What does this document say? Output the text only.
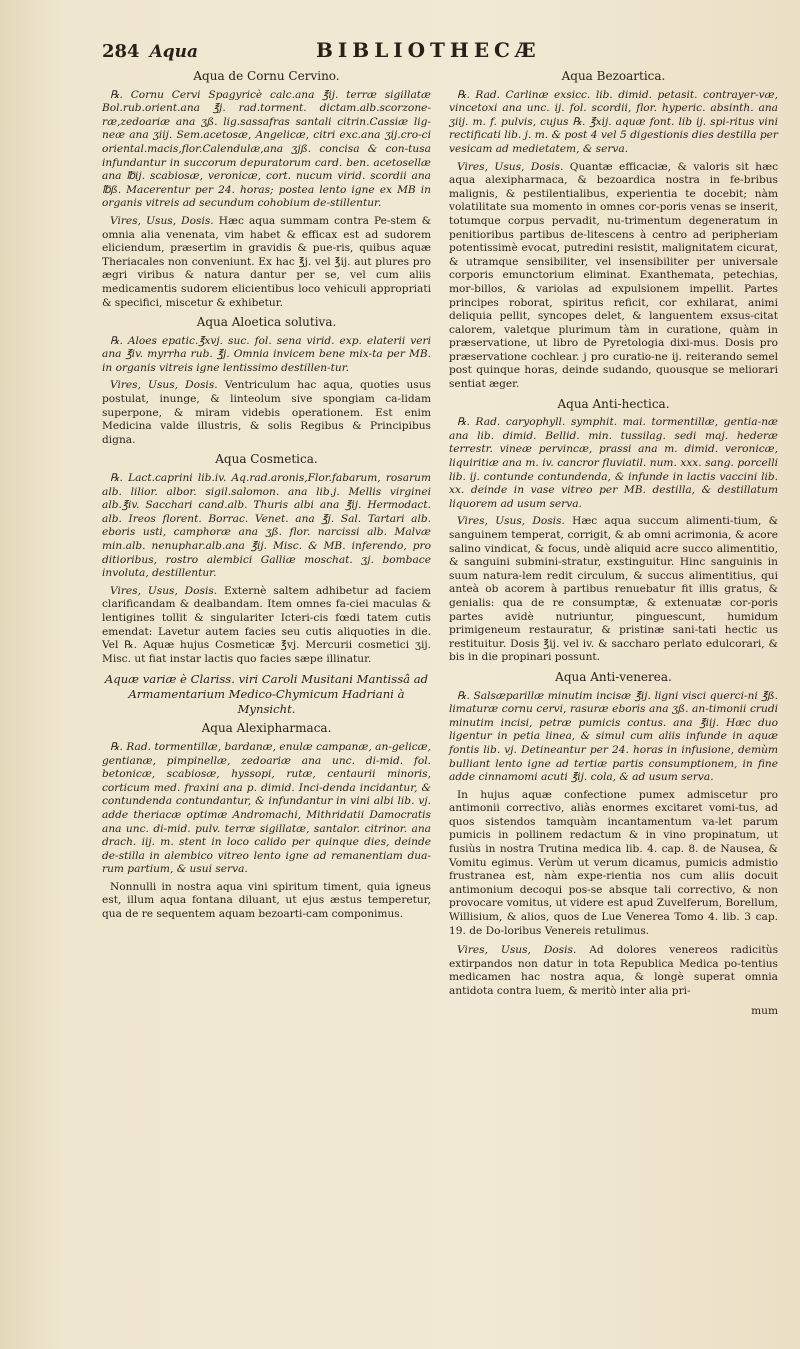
284 Aqua	BIBLIOTHECÆ
Aqua de Cornu Cervino.

℞. Cornu Cervi Spagyricè calc.ana ℥ij. terræ sigillatæ Bol.rub.orient.ana ℥j. rad.torment. dictam.alb.scorzone-ræ,zedoariæ ana ʒß. lig.sassafras santali citrin.Cassiæ lig-neæ ana ʒiij. Sem.acetosæ, Angelicæ, citri exc.ana ʒij.cro-ci oriental.macis,flor.Calendulæ,ana ʒjß. concisa & con-tusa infundantur in succorum depuratorum card. ben. acetosellæ ana ℔ij. scabiosæ, veronicæ, cort. nucum virid. scordii ana ℔ß. Macerentur per 24. horas; postea lento igne ex MB in organis vitreis ad secundum cohobium de-stillentur.

Vires, Usus, Dosis. Hæc aqua summam contra Pe-stem & omnia alia venenata, vim habet & efficax est ad sudorem eliciendum, præsertim in gravidis & pue-ris, quibus aquæ Theriacales non conveniunt. Ex hac ℥j. vel ℥ij. aut plures pro ægri viribus & natura dantur per se, vel cum aliis medicamentis sudorem elicientibus loco vehiculi appropriati & specifici, miscetur & exhibetur.

Aqua Aloetica solutiva.

℞. Aloes epatic.℥xvj. suc. fol. sena virid. exp. elaterii veri ana ℥iv. myrrha rub. ℥j. Omnia invicem bene mix-ta per MB. in organis vitreis igne lentissimo destillen-tur.

Vires, Usus, Dosis. Ventriculum hac aqua, quoties usus postulat, inunge, & linteolum sive spongiam ca-lidam superpone, & miram videbis operationem. Est enim Medicina valde illustris, & solis Regibus & Principibus digna.

Aqua Cosmetica.

℞. Lact.caprini lib.iv. Aq.rad.aronis,Flor.fabarum, rosarum alb. lilior. albor. sigil.salomon. ana lib.j. Mellis virginei alb.℥iv. Sacchari cand.alb. Thuris albi ana ℥ij. Hermodact. alb. Ireos florent. Borrac. Venet. ana ℥j. Sal. Tartari alb. eboris usti, camphoræ ana ʒß. flor. narcissi alb. Malvæ min.alb. nenuphar.alb.ana ℥ij. Misc. & MB. inferendo, pro ditioribus, rostro alembici Galliæ moschat. ʒj. bombace involuta, destillentur.

Vires, Usus, Dosis. Externè saltem adhibetur ad faciem clarificandam & dealbandam. Item omnes fa-ciei maculas & lentigines tollit & singulariter Icteri-cis fœdi tatem cutis emendat: Lavetur autem facies seu cutis aliquoties in die. Vel ℞. Aquæ hujus Cosmeticæ ℥vj. Mercurii cosmetici ʒij. Misc. ut fiat instar lactis quo facies sæpe illinatur.

Aquæ variæ è Clariss. viri Caroli Musitani Mantissâ ad Armamentarium Medico-Chymicum Hadriani à Mynsicht.
Aqua Alexipharmaca.

℞. Rad. tormentillæ, bardanæ, enulæ campanæ, an-gelicæ, gentianæ, pimpinellæ, zedoariæ ana unc. di-mid. fol. betonicæ, scabiosæ, hyssopi, rutæ, centaurii minoris, corticum med. fraxini ana p. dimid. Inci-denda incidantur, & contundenda contundantur, & infundantur in vini albi lib. vj. adde theriacæ optimæ Andromachi, Mithridatii Damocratis ana unc. di-mid. pulv. terræ sigillatæ, santalor. citrinor. ana drach. iij. m. stent in loco calido per quinque dies, deinde de-stilla in alembico vitreo lento igne ad remanentiam dua-rum partium, & usui serva.

Nonnulli in nostra aqua vini spiritum timent, quia igneus est, illum aqua fontana diluant, ut ejus æstus temperetur, qua de re sequentem aquam bezoarti-cam componimus.

Aqua Bezoartica.

℞. Rad. Carlinæ exsicc. lib. dimid. petasit. contrayer-væ, vincetoxi ana unc. ij. fol. scordii, flor. hyperic. absinth. ana ʒiij. m. f. pulvis, cujus ℞. ℥xij. aquæ font. lib ij. spi-ritus vini rectificati lib. j. m. & post 4 vel 5 digestionis dies destilla per vesicam ad medietatem, & serva.

Vires, Usus, Dosis. Quantæ efficaciæ, & valoris sit hæc aqua alexipharmaca, & bezoardica nostra in fe-bribus malignis, & pestilentialibus, experientia te docebit; nàm volatilitate sua momento in omnes cor-poris venas se inserit, totumque corpus pervadit, nu-trimentum degeneratum in penitioribus partibus de-litescens à centro ad peripheriam potentissimè evocat, putredini resistit, malignitatem cicurat, & utramque sensibiliter, vel insensibiliter per universale corporis emunctorium eliminat. Exanthemata, petechias, mor-billos, & variolas ad expulsionem impellit. Partes principes roborat, spiritus reficit, cor exhilarat, animi deliquia pellit, syncopes delet, & languentem exsus-citat calorem, valetque plurimum tàm in curatione, quàm in præservatione, ut libro de Pyretologia dixi-mus. Dosis pro præservatione cochlear. j pro curatio-ne ij. reiterando semel post quinque horas, deinde sudando, quousque se meliorari sentiat æger.

Aqua Anti-hectica.

℞. Rad. caryophyll. symphit. mai. tormentillæ, gentia-næ ana lib. dimid. Bellid. min. tussilag. sedi maj. hederæ terrestr. vineæ pervincæ, prassi ana m. dimid. veronicæ, liquiritiæ ana m. iv. cancror fluviatil. num. xxx. sang. porcelli lib. ij. contunde contundenda, & infunde in lactis vaccini lib. xx. deinde in vase vitreo per MB. destilla, & destillatum liquorem ad usum serva.

Vires, Usus, Dosis. Hæc aqua succum alimenti-tium, & sanguinem temperat, corrigit, & ab omni acrimonia, & acore salino vindicat, & focus, undè aliquid acre succo alimentitio, & sanguini submini-stratur, exstinguitur. Hinc sanguinis in suum natura-lem redit circulum, & succus alimentitius, qui anteà ob acorem à partibus renuebatur fit illis gratus, & genialis: qua de re consumptæ, & extenuatæ cor-poris partes avidè nutriuntur, pinguescunt, humidum primigeneum restauratur, & pristinæ sani-tati hectic us restituitur. Dosis ℥ij. vel iv. & saccharo perlato edulcorari, & bis in die propinari possunt.

Aqua Anti-venerea.

℞. Salsæparillæ minutim incisæ ℥ij. ligni visci querci-ni ℥ß. limaturæ cornu cervi, rasuræ eboris ana ʒß. an-timonii crudi minutim incisi, petræ pumicis contus. ana ℥iij. Hæc duo ligentur in petia linea, & simul cum aliis infunde in aquæ fontis lib. vj. Detineantur per 24. horas in infusione, demùm bulliant lento igne ad tertiæ partis consumptionem, in fine adde cinnamomi acuti ℥ij. cola, & ad usum serva.

In hujus aquæ confectione pumex admiscetur pro antimonii correctivo, aliàs enormes excitaret vomi-tus, ad quos sistendos tamquàm incantamentum va-let parum pumicis in pollinem redactum & in vino propinatum, ut fusiùs in nostra Trutina medica lib. 4. cap. 8. de Nausea, & Vomitu egimus. Verùm ut verum dicamus, pumicis admistio frustranea est, nàm expe-rientia nos cum aliis docuit antimonium decoqui pos-se absque tali correctivo, & non provocare vomitus, ut videre est apud Zuvelferum, Borellum, Willisium, & alios, quos de Lue Venerea Tomo 4. lib. 3 cap. 19. de Do-loribus Venereis retulimus.

Vires, Usus, Dosis. Ad dolores venereos radicitùs extirpandos non datur in tota Republica Medica po-tentius medicamen hac nostra aqua, & longè superat omnia antidota contra luem, & meritò inter alia pri-

mum
